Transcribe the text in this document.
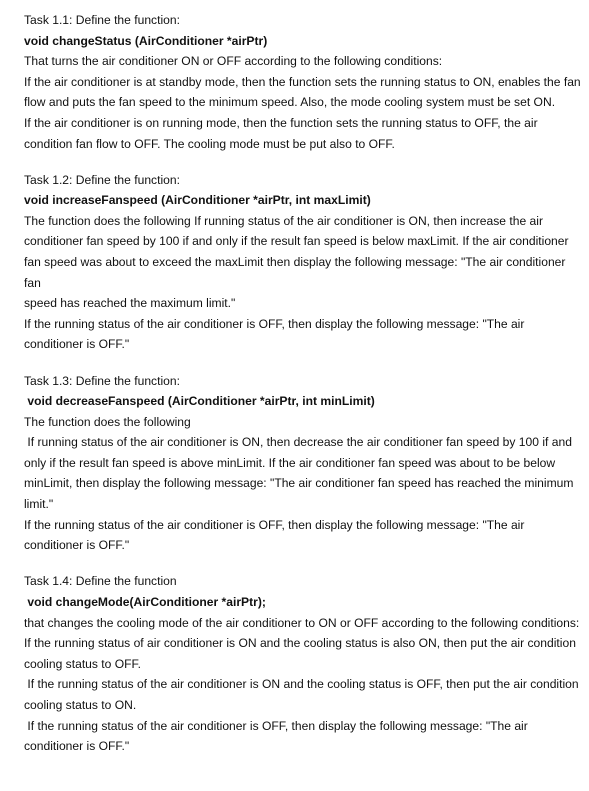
Task 1.1: Define the function:

void changeStatus (AirConditioner *airPtr)

That turns the air conditioner ON or OFF according to the following conditions:

If the air conditioner is at standby mode, then the function sets the running status to ON, enables the fan

flow and puts the fan speed to the minimum speed. Also, the mode cooling system must be set ON.

If the air conditioner is on running mode, then the function sets the running status to OFF, the air

condition fan flow to OFF. The cooling mode must be put also to OFF.

Task 1.2: Define the function:

void increaseFanspeed (AirConditioner *airPtr, int maxLimit)

The function does the following If running status of the air conditioner is ON, then increase the air

conditioner fan speed by 100 if and only if the result fan speed is below maxLimit. If the air conditioner

fan speed was about to exceed the maxLimit then display the following message: "The air conditioner fan

speed has reached the maximum limit."

If the running status of the air conditioner is OFF, then display the following message: "The air

conditioner is OFF."

Task 1.3: Define the function:

void decreaseFanspeed (AirConditioner *airPtr, int minLimit)

The function does the following

If running status of the air conditioner is ON, then decrease the air conditioner fan speed by 100 if and

only if the result fan speed is above minLimit. If the air conditioner fan speed was about to be below

minLimit, then display the following message: "The air conditioner fan speed has reached the minimum

limit."

If the running status of the air conditioner is OFF, then display the following message: "The air

conditioner is OFF."

Task 1.4: Define the function

void changeMode(AirConditioner *airPtr);

that changes the cooling mode of the air conditioner to ON or OFF according to the following conditions:

If the running status of air conditioner is ON and the cooling status is also ON, then put the air condition

cooling status to OFF.

If the running status of the air conditioner is ON and the cooling status is OFF, then put the air condition

cooling status to ON.

If the running status of the air conditioner is OFF, then display the following message: "The air

conditioner is OFF."
